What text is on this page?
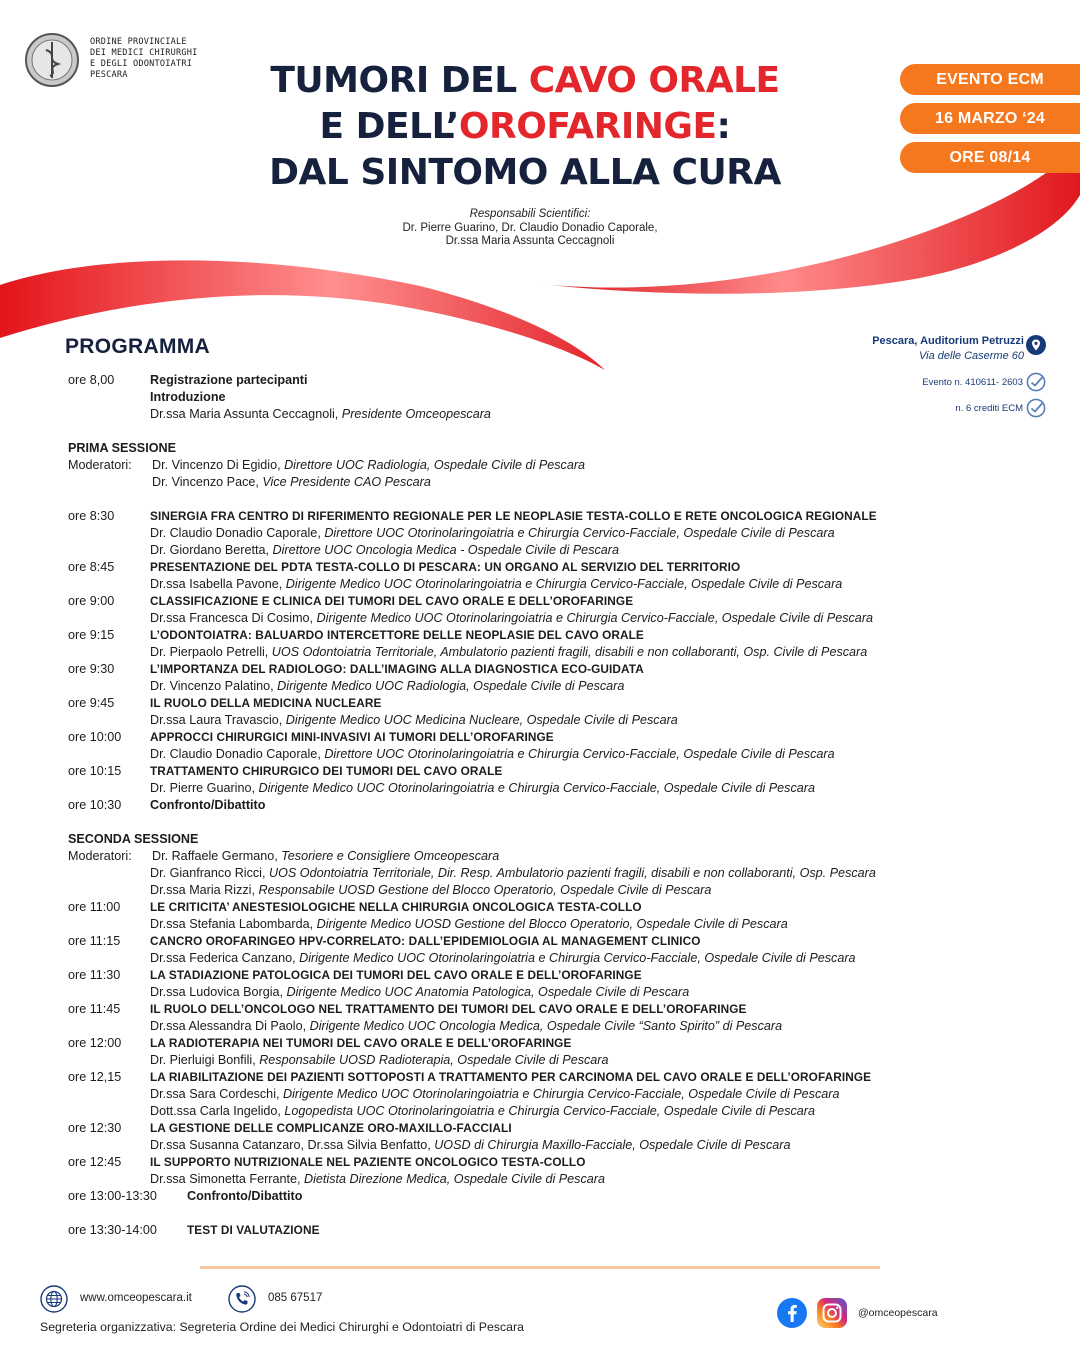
ORDINE PROVINCIALE
DEI MEDICI CHIRURGHI
E DEGLI ODONTOIATRI
PESCARA	TUMORI DEL CAVO ORALE
E DELL’OROFARINGE:
DAL SINTOMO ALLA CURA
Responsabili Scientifici:
Dr. Pierre Guarino, Dr. Claudio Donadio Caporale,
Dr.ssa Maria Assunta Ceccagnoli
EVENTO ECM
16 MARZO ‘24
ORE 08/14
Pescara, Auditorium Petruzzi
Via delle Caserme 60
Evento n. 410611- 2603
n. 6 crediti ECM
PROGRAMMA
ore 8,00	Registrazione partecipanti
Introduzione
Dr.ssa Maria Assunta Ceccagnoli, Presidente Omceopescara
PRIMA SESSIONE
Moderatori: Dr. Vincenzo Di Egidio, Direttore UOC Radiologia, Ospedale Civile di Pescara
Dr. Vincenzo Pace, Vice Presidente CAO Pescara
ore 8:30	SINERGIA FRA CENTRO DI RIFERIMENTO REGIONALE PER LE NEOPLASIE TESTA-COLLO E RETE ONCOLOGICA REGIONALE
Dr. Claudio Donadio Caporale, Direttore UOC Otorinolaringoiatria e Chirurgia Cervico-Facciale, Ospedale Civile di Pescara
Dr. Giordano Beretta, Direttore UOC Oncologia Medica - Ospedale Civile di Pescara
ore 8:45	PRESENTAZIONE DEL PDTA TESTA-COLLO DI PESCARA: UN ORGANO AL SERVIZIO DEL TERRITORIO
Dr.ssa Isabella Pavone, Dirigente Medico UOC Otorinolaringoiatria e Chirurgia Cervico-Facciale, Ospedale Civile di Pescara
ore 9:00	CLASSIFICAZIONE E CLINICA DEI TUMORI DEL CAVO ORALE E DELL’OROFARINGE
Dr.ssa Francesca Di Cosimo, Dirigente Medico UOC Otorinolaringoiatria e Chirurgia Cervico-Facciale, Ospedale Civile di Pescara
ore 9:15	L’ODONTOIATRA: BALUARDO INTERCETTORE DELLE NEOPLASIE DEL CAVO ORALE
Dr. Pierpaolo Petrelli, UOS Odontoiatria Territoriale, Ambulatorio pazienti fragili, disabili e non collaboranti, Osp. Civile di Pescara
ore 9:30	L’IMPORTANZA DEL RADIOLOGO: DALL’IMAGING ALLA DIAGNOSTICA ECO-GUIDATA
Dr. Vincenzo Palatino, Dirigente Medico UOC Radiologia, Ospedale Civile di Pescara
ore 9:45	IL RUOLO DELLA MEDICINA NUCLEARE
Dr.ssa Laura Travascio, Dirigente Medico UOC Medicina Nucleare, Ospedale Civile di Pescara
ore 10:00 APPROCCI CHIRURGICI MINI-INVASIVI AI TUMORI DELL’OROFARINGE
Dr. Claudio Donadio Caporale, Direttore UOC Otorinolaringoiatria e Chirurgia Cervico-Facciale, Ospedale Civile di Pescara
ore 10:15 TRATTAMENTO CHIRURGICO DEI TUMORI DEL CAVO ORALE
Dr. Pierre Guarino, Dirigente Medico UOC Otorinolaringoiatria e Chirurgia Cervico-Facciale, Ospedale Civile di Pescara
ore 10:30 Confronto/Dibattito
SECONDA SESSIONE
Moderatori: Dr. Raffaele Germano, Tesoriere e Consigliere Omceopescara
Dr. Gianfranco Ricci, UOS Odontoiatria Territoriale, Dir. Resp. Ambulatorio pazienti fragili, disabili e non collaboranti, Osp. Pescara
Dr.ssa Maria Rizzi, Responsabile UOSD Gestione del Blocco Operatorio, Ospedale Civile di Pescara
ore 11:00	LE CRITICITA’ ANESTESIOLOGICHE NELLA CHIRURGIA ONCOLOGICA TESTA-COLLO
Dr.ssa Stefania Labombarda, Dirigente Medico UOSD Gestione del Blocco Operatorio, Ospedale Civile di Pescara
ore 11:15	CANCRO OROFARINGEO HPV-CORRELATO: DALL’EPIDEMIOLOGIA AL MANAGEMENT CLINICO
Dr.ssa Federica Canzano, Dirigente Medico UOC Otorinolaringoiatria e Chirurgia Cervico-Facciale, Ospedale Civile di Pescara
ore 11:30	LA STADIAZIONE PATOLOGICA DEI TUMORI DEL CAVO ORALE E DELL’OROFARINGE
Dr.ssa Ludovica Borgia, Dirigente Medico UOC Anatomia Patologica, Ospedale Civile di Pescara
ore 11:45	IL RUOLO DELL’ONCOLOGO NEL TRATTAMENTO DEI TUMORI DEL CAVO ORALE E DELL’OROFARINGE
Dr.ssa Alessandra Di Paolo, Dirigente Medico UOC Oncologia Medica, Ospedale Civile “Santo Spirito” di Pescara
ore 12:00 LA RADIOTERAPIA NEI TUMORI DEL CAVO ORALE E DELL’OROFARINGE
Dr. Pierluigi Bonfili, Responsabile UOSD Radioterapia, Ospedale Civile di Pescara
ore 12,15 LA RIABILITAZIONE DEI PAZIENTI SOTTOPOSTI A TRATTAMENTO PER CARCINOMA DEL CAVO ORALE E DELL’OROFARINGE
Dr.ssa Sara Cordeschi, Dirigente Medico UOC Otorinolaringoiatria e Chirurgia Cervico-Facciale, Ospedale Civile di Pescara
Dott.ssa Carla Ingelido, Logopedista UOC Otorinolaringoiatria e Chirurgia Cervico-Facciale, Ospedale Civile di Pescara
ore 12:30 LA GESTIONE DELLE COMPLICANZE ORO-MAXILLO-FACCIALI
Dr.ssa Susanna Catanzaro, Dr.ssa Silvia Benfatto, UOSD di Chirurgia Maxillo-Facciale, Ospedale Civile di Pescara
ore 12:45 IL SUPPORTO NUTRIZIONALE NEL PAZIENTE ONCOLOGICO TESTA-COLLO
Dr.ssa Simonetta Ferrante, Dietista Direzione Medica, Ospedale Civile di Pescara
ore 13:00-13:30 Confronto/Dibattito
ore 13:30-14:00	TEST DI VALUTAZIONE
www.omceopescara.it	085 67517
@omceopescara
Segreteria organizzativa: Segreteria Ordine dei Medici Chirurghi e Odontoiatri di Pescara
